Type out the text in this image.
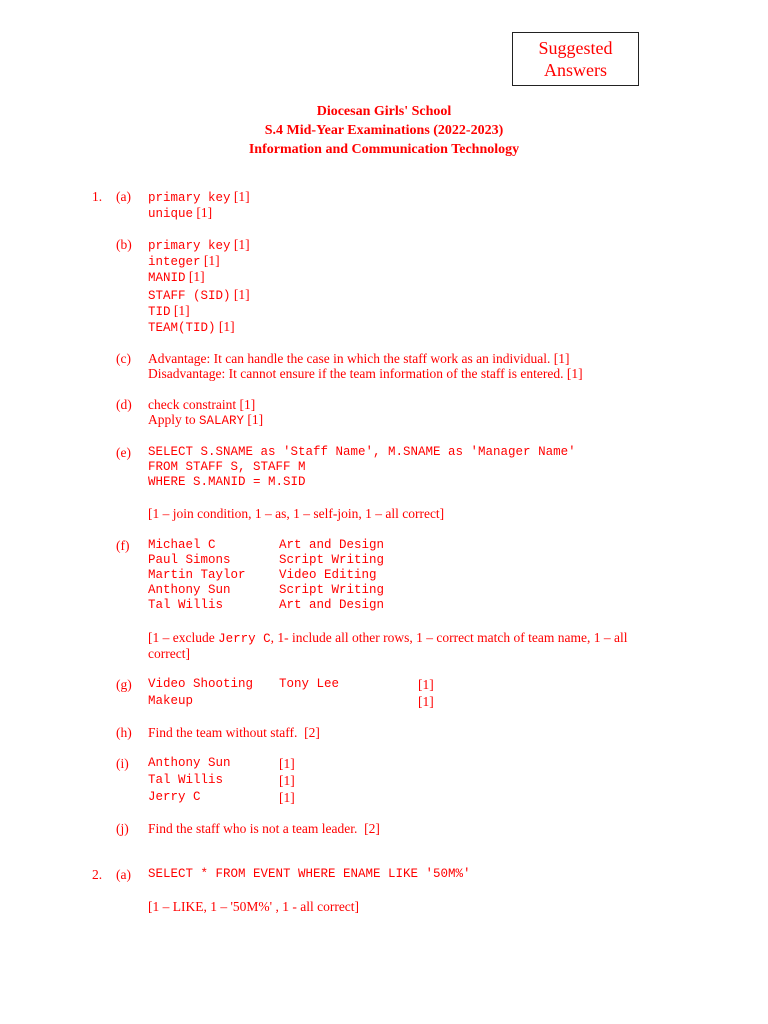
Suggested
Answers
Diocesan Girls' School
S.4 Mid-Year Examinations (2022-2023)
Information and Communication Technology
1. (a) primary key [1]
unique [1]
(b) primary key [1]
integer [1]
MANID [1]
STAFF (SID) [1]
TID [1]
TEAM(TID) [1]
(c) Advantage: It can handle the case in which the staff work as an individual. [1]
Disadvantage: It cannot ensure if the team information of the staff is entered. [1]
(d) check constraint [1]
Apply to SALARY [1]
(e) SELECT S.SNAME as 'Staff Name', M.SNAME as 'Manager Name'
FROM STAFF S, STAFF M
WHERE S.MANID = M.SID
[1 – join condition, 1 – as, 1 – self-join, 1 – all correct]
(f) Michael C	Art and Design
Paul Simons	Script Writing
Martin Taylor	Video Editing
Anthony Sun	Script Writing
Tal Willis	Art and Design
[1 – exclude Jerry C, 1- include all other rows, 1 – correct match of team name, 1 – all
correct]
(g) Video Shooting Tony Lee	[1]
Makeup	[1]
(h) Find the team without staff.  [2]
(i) Anthony Sun	[1]
Tal Willis	[1]
Jerry C	[1]
(j) Find the staff who is not a team leader.  [2]
2. (a) SELECT * FROM EVENT WHERE ENAME LIKE '50M%'
[1 – LIKE, 1 – '50M%' , 1 - all correct]
